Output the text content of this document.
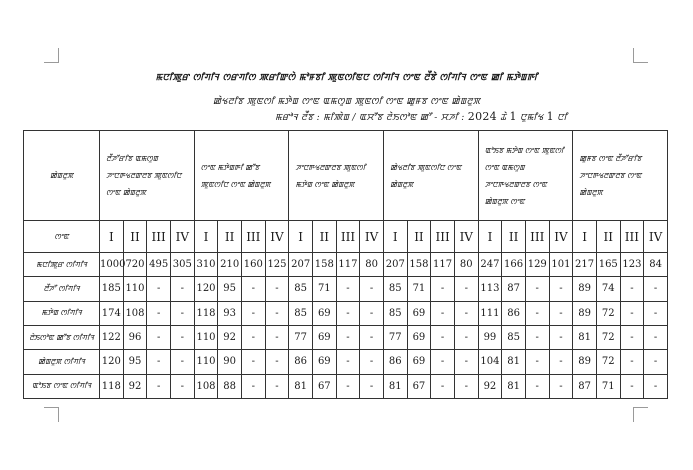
ꯃꯅꯤꯄꯨꯔ ꯁꯤꯚꯤꯜ ꯁꯔꯚꯤꯁ ꯄꯔꯤꯛꯁꯥ ꯃꯣꯝꯕꯤ ꯄꯨꯟꯁꯤꯟꯅ ꯁꯤꯚꯤꯜ ꯁꯦꯟ ꯂꯩꯕꯥ ꯁꯤꯚꯤꯜ ꯁꯦꯟ ꯀꯤ ꯃꯇꯥꯡꯒꯤ
ꯀꯥꯠꯂꯤꯕ ꯄꯨꯟꯁꯤ ꯃꯇꯥꯡ ꯁꯦꯟ ꯑꯃꯁꯨꯡ ꯄꯨꯟꯁꯤ ꯁꯦꯟ ꯀꯨꯝꯕ ꯁꯦꯟ ꯀꯥꯡꯂꯨꯞ
ꯃꯔꯣꯜ ꯂꯩꯕ : ꯃꯤꯄꯥꯡ / ꯑꯆꯧꯕ ꯂꯥꯏꯁꯣꯟ ꯀꯧ - ꯆꯍꯤ : 2024 ꯊꯥ 1 ꯅꯨꯃꯤꯠ 1 ꯅꯤ
ꯀꯥꯡꯂꯨꯞ	ꯂꯩꯍꯧꯔꯤꯕ ꯑꯃꯁꯨꯡ ꯍꯦꯅꯒꯠꯂꯛꯂꯕ ꯄꯨꯟꯁꯤꯅ ꯁꯦꯟ ꯀꯥꯡꯂꯨꯞ				ꯁꯦꯟ ꯃꯇꯥꯡꯒꯤ ꯀꯧꯕ ꯄꯨꯟꯁꯤꯅ ꯁꯦꯟ ꯀꯥꯡꯂꯨꯞ				ꯍꯦꯅꯒꯠꯂꯛꯂꯕ ꯄꯨꯟꯁꯤ ꯃꯇꯥꯡ ꯁꯦꯟ ꯀꯥꯡꯂꯨꯞ				ꯀꯥꯠꯂꯤꯕ ꯄꯨꯟꯁꯤꯅ ꯁꯦꯟ ꯀꯥꯡꯂꯨꯞ				ꯑꯣꯏꯕ ꯃꯇꯥꯡ ꯁꯦꯟ ꯄꯨꯟꯁꯤ ꯁꯦꯟ ꯑꯃꯁꯨꯡ ꯍꯦꯅꯒꯠꯂꯛꯂꯕ ꯁꯦꯟ ꯀꯥꯡꯂꯨꯞ ꯁꯦꯟ				ꯀꯨꯝꯕ ꯁꯦꯟ ꯂꯩꯍꯧꯔꯤꯕ ꯍꯦꯅꯒꯠꯂꯛꯂꯕ ꯁꯦꯟ ꯀꯥꯡꯂꯨꯞ			
ꯁꯦꯟ	I	II	III	IV	I	II	III	IV	I	II	III	IV	I	II	III	IV	I	II	III	IV	I	II	III	IV
ꯃꯅꯤꯄꯨꯔ ꯁꯤꯚꯤꯜ	1000	720	495	305	310	210	160	125	207	158	117	80	207	158	117	80	247	166	129	101	217	165	123	84
ꯂꯩꯍꯧ ꯁꯤꯚꯤꯜ	185	110	-	-	120	95	-	-	85	71	-	-	85	71	-	-	113	87	-	-	89	74	-	-
ꯃꯇꯥꯡ ꯁꯤꯚꯤꯜ	174	108	-	-	118	93	-	-	85	69	-	-	85	69	-	-	111	86	-	-	89	72	-	-
ꯂꯥꯏꯁꯣꯟ ꯀꯧꯕ ꯁꯤꯚꯤꯜ	122	96	-	-	110	92	-	-	77	69	-	-	77	69	-	-	99	85	-	-	81	72	-	-
ꯀꯥꯡꯂꯨꯞ ꯁꯤꯚꯤꯜ	120	95	-	-	110	90	-	-	86	69	-	-	86	69	-	-	104	81	-	-	89	72	-	-
ꯑꯣꯏꯕ ꯁꯦꯟ ꯁꯤꯚꯤꯜ	118	92	-	-	108	88	-	-	81	67	-	-	81	67	-	-	92	81	-	-	87	71	-	-
